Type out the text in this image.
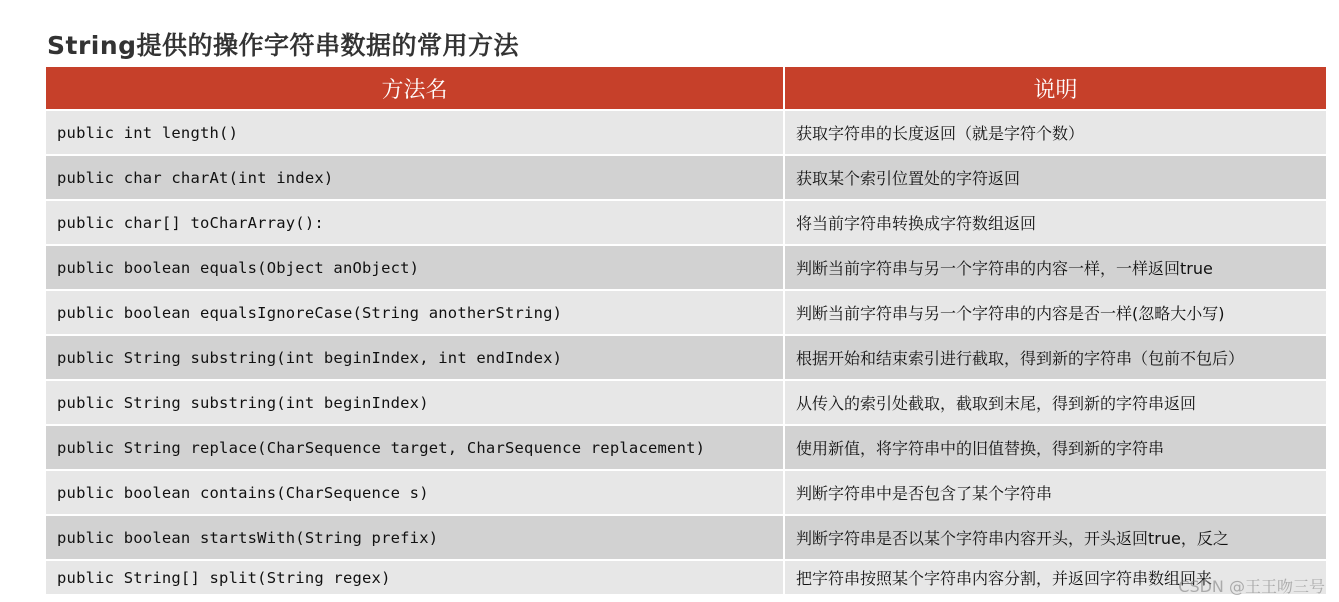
String提供的操作字符串数据的常用方法
方法名	说明
public int length()	获取字符串的长度返回（就是字符个数）
public char charAt(int index)	获取某个索引位置处的字符返回
public char[] toCharArray():	将当前字符串转换成字符数组返回
public boolean equals(Object anObject)	判断当前字符串与另一个字符串的内容一样，一样返回true
public boolean equalsIgnoreCase(String anotherString)	判断当前字符串与另一个字符串的内容是否一样(忽略大小写)
public String substring(int beginIndex, int endIndex)	根据开始和结束索引进行截取，得到新的字符串（包前不包后）
public String substring(int beginIndex)	从传入的索引处截取，截取到末尾，得到新的字符串返回
public String replace(CharSequence target, CharSequence replacement)	使用新值，将字符串中的旧值替换，得到新的字符串
public boolean contains(CharSequence s)	判断字符串中是否包含了某个字符串
public boolean startsWith(String prefix)	判断字符串是否以某个字符串内容开头，开头返回true，反之
public String[] split(String regex)	把字符串按照某个字符串内容分割，并返回字符串数组回来
CSDN @王王吻三号
